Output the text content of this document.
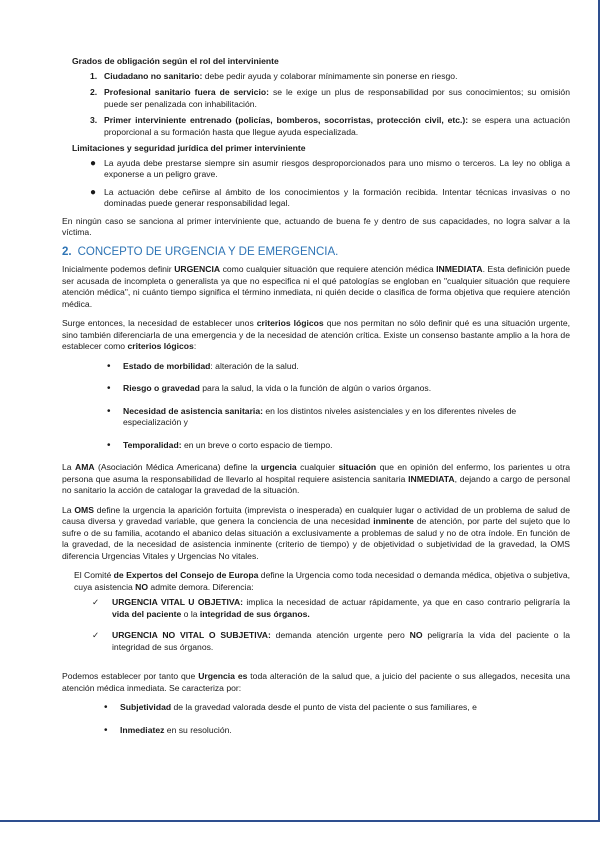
Grados de obligación según el rol del interviniente
1. Ciudadano no sanitario: debe pedir ayuda y colaborar mínimamente sin ponerse en riesgo.
2. Profesional sanitario fuera de servicio: se le exige un plus de responsabilidad por sus conocimientos; su omisión puede ser penalizada con inhabilitación.
3. Primer interviniente entrenado (policías, bomberos, socorristas, protección civil, etc.): se espera una actuación proporcional a su formación hasta que llegue ayuda especializada.
Limitaciones y seguridad jurídica del primer interviniente
● La ayuda debe prestarse siempre sin asumir riesgos desproporcionados para uno mismo o terceros. La ley no obliga a exponerse a un peligro grave.
● La actuación debe ceñirse al ámbito de los conocimientos y la formación recibida. Intentar técnicas invasivas o no dominadas puede generar responsabilidad legal.
En ningún caso se sanciona al primer interviniente que, actuando de buena fe y dentro de sus capacidades, no logra salvar a la víctima.
2. CONCEPTO DE URGENCIA Y DE EMERGENCIA.
Inicialmente podemos definir URGENCIA como cualquier situación que requiere atención médica INMEDIATA. Esta definición puede ser acusada de incompleta o generalista ya que no especifica ni el qué patologías se engloban en "cualquier situación que requiere atención médica", ni cuánto tiempo significa el término inmediata, ni quién decide o clasifica de forma objetiva que requiere atención médica.
Surge entonces, la necesidad de establecer unos criterios lógicos que nos permitan no sólo definir qué es una situación urgente, sino también diferenciarla de una emergencia y de la necesidad de atención crítica. Existe un consenso bastante amplio a la hora de establecer como criterios lógicos:
•	Estado de morbilidad: alteración de la salud.
•	Riesgo o gravedad para la salud, la vida o la función de algún o varios órganos.
•	Necesidad de asistencia sanitaria: en los distintos niveles asistenciales y en los diferentes niveles de especialización y
•	Temporalidad: en un breve o corto espacio de tiempo.
La AMA (Asociación Médica Americana) define la urgencia cualquier situación que en opinión del enfermo, los parientes u otra persona que asuma la responsabilidad de llevarlo al hospital requiere asistencia sanitaria INMEDIATA, dejando a cargo de personal no sanitario la acción de catalogar la gravedad de la situación.
La OMS define la urgencia la aparición fortuita (imprevista o inesperada) en cualquier lugar o actividad de un problema de salud de causa diversa y gravedad variable, que genera la conciencia de una necesidad inminente de atención, por parte del sujeto que lo sufre o de su familia, acotando el abanico delas situación a exclusivamente a problemas de salud y no de otra índole. En función de la gravedad, de la necesidad de asistencia inminente (criterio de tiempo) y de objetividad o subjetividad de la gravedad, la OMS diferencia Urgencias Vitales y Urgencias No vitales.
El Comité de Expertos del Consejo de Europa define la Urgencia como toda necesidad o demanda médica, objetiva o subjetiva, cuya asistencia NO admite demora. Diferencia:
✓	URGENCIA VITAL U OBJETIVA: implica la necesidad de actuar rápidamente, ya que en caso contrario peligraría la vida del paciente o la integridad de sus órganos.
✓	URGENCIA NO VITAL O SUBJETIVA: demanda atención urgente pero NO peligraría la vida del paciente o la integridad de sus órganos.
Podemos establecer por tanto que Urgencia es toda alteración de la salud que, a juicio del paciente o sus allegados, necesita una atención médica inmediata. Se caracteriza por:
•	Subjetividad de la gravedad valorada desde el punto de vista del paciente o sus familiares, e
•	Inmediatez en su resolución.
